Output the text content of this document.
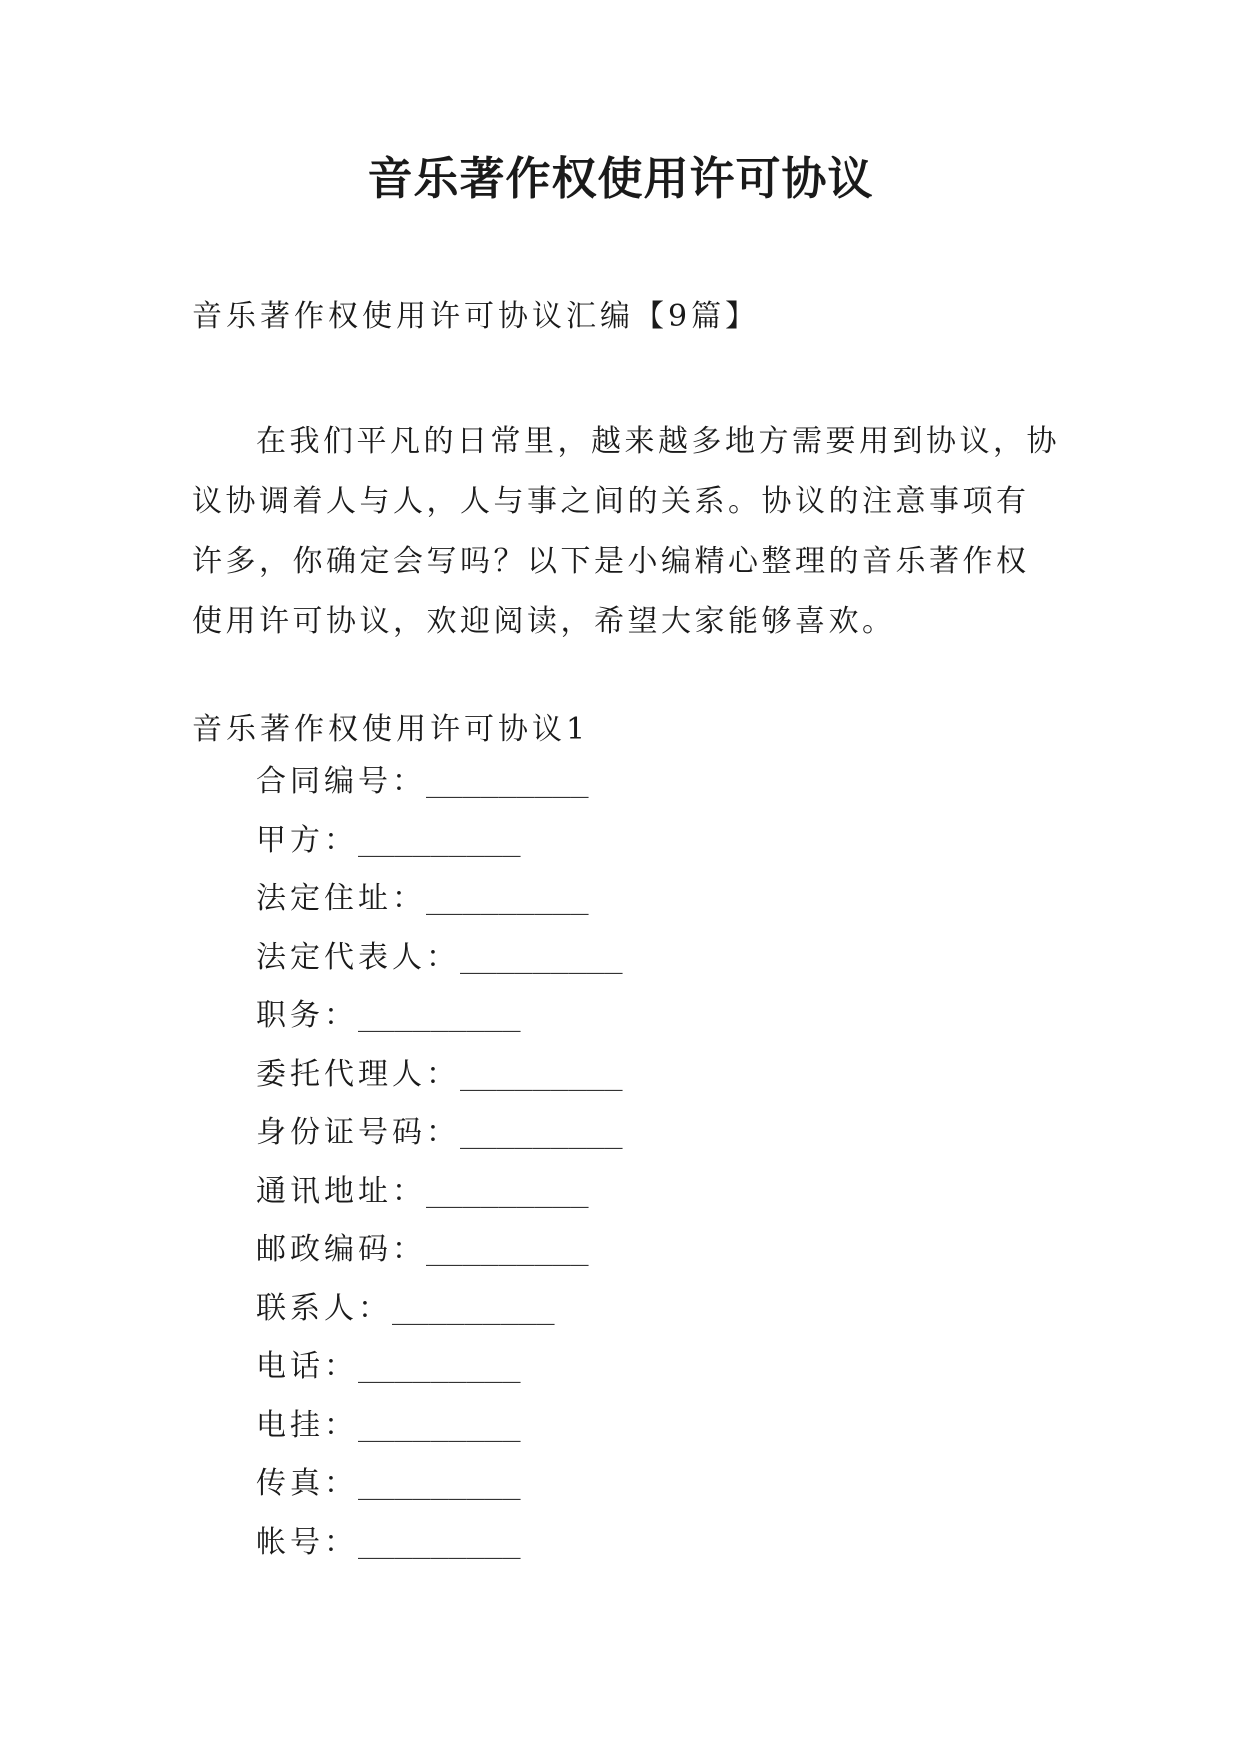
音乐著作权使用许可协议
音乐著作权使用许可协议汇编【9篇】

在我们平凡的日常里，越来越多地方需要用到协议，协议协调着人与人，人与事之间的关系。协议的注意事项有许多，你确定会写吗？以下是小编精心整理的音乐著作权使用许可协议，欢迎阅读，希望大家能够喜欢。

音乐著作权使用许可协议1
合同编号：_________
甲方：_________
法定住址：_________
法定代表人：_________
职务：_________
委托代理人：_________
身份证号码：_________
通讯地址：_________
邮政编码：_________
联系人：_________
电话：_________
电挂：_________
传真：_________
帐号：_________
